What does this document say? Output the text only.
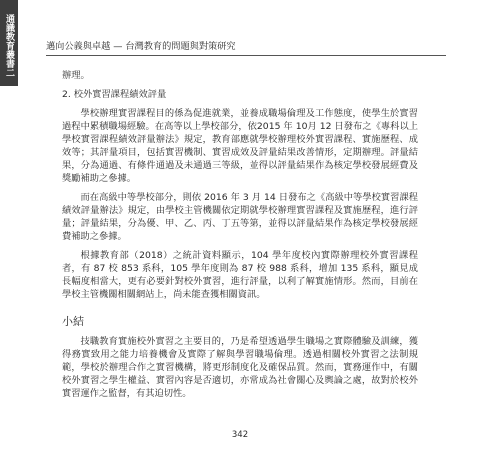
通識教育叢書二	邁向公義與卓越 — 台灣教育的問題與對策研究

辦理。

2. 校外實習課程績效評量

學校辦理實習課程目的係為促進就業，並養成職場倫理及工作態度，使學生於實習過程中累積職場經驗。在高等以上學校部分，依2015 年 10月 12 日發布之《專科以上學校實習課程績效評量辦法》規定，教育部應就學校辦理校外實習課程、實施歷程、成效等；其評量項目，包括實習機制、實習成效及評量結果改善情形，定期辦理。評量結果，分為通過、有條件通過及未通過三等級，並得以評量結果作為核定學校發展經費及獎勵補助之參據。

而在高級中等學校部分，則依 2016 年 3 月 14 日發布之《高級中等學校實習課程績效評量辦法》規定，由學校主管機關依定期就學校辦理實習課程及實施歷程，進行評量；評量結果，分為優、甲、乙、丙、丁五等第，並得以評量結果作為核定學校發展經費補助之參據。

根據教育部（2018）之統計資料顯示，104 學年度校內實際辦理校外實習課程者，有 87 校 853 系科，105 學年度則為 87 校 988 系科，增加 135 系科，顯見成長幅度相當大，更有必要針對校外實習，進行評量，以利了解實施情形。然而，目前在學校主管機關相關網站上，尚未能查獲相關資訊。

小結

技職教育實施校外實習之主要目的，乃是希望透過學生職場之實際體驗及訓練，獲得務實致用之能力培養機會及實際了解與學習職場倫理。透過相關校外實習之法制規範，學校於辦理合作之實習機構，將更形制度化及確保品質。然而，實務運作中，有關校外實習之學生權益、實習內容是否適切，亦常成為社會關心及輿論之處，故對於校外實習運作之監督，有其迫切性。

342
